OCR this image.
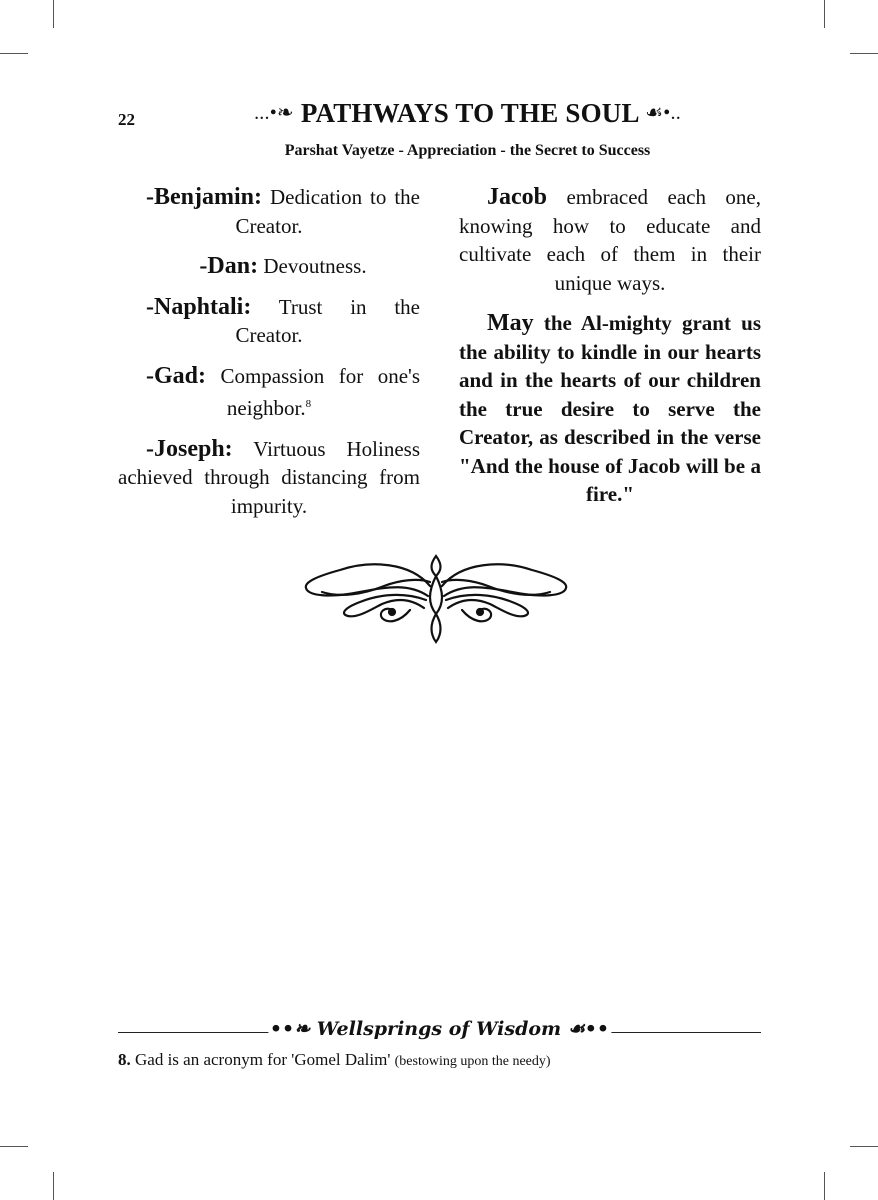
22	...•❧ PATHWAYS TO THE SOUL ☙•..
Parshat Vayetze - Appreciation - the Secret to Success

-Benjamin: Dedication to the Creator.

-Dan: Devoutness.

-Naphtali: Trust in the Creator.

-Gad: Compassion for one's neighbor.$^8$

-Joseph: Virtuous Holiness achieved through distancing from impurity.

Jacob embraced each one, knowing how to educate and cultivate each of them in their unique ways.

May the Al-mighty grant us the ability to kindle in our hearts and in the hearts of our children the true desire to serve the Creator, as described in the verse "And the house of Jacob will be a fire."

••❧ Wellsprings of Wisdom ☙••
8. Gad is an acronym for 'Gomel Dalim' (bestowing upon the needy)
